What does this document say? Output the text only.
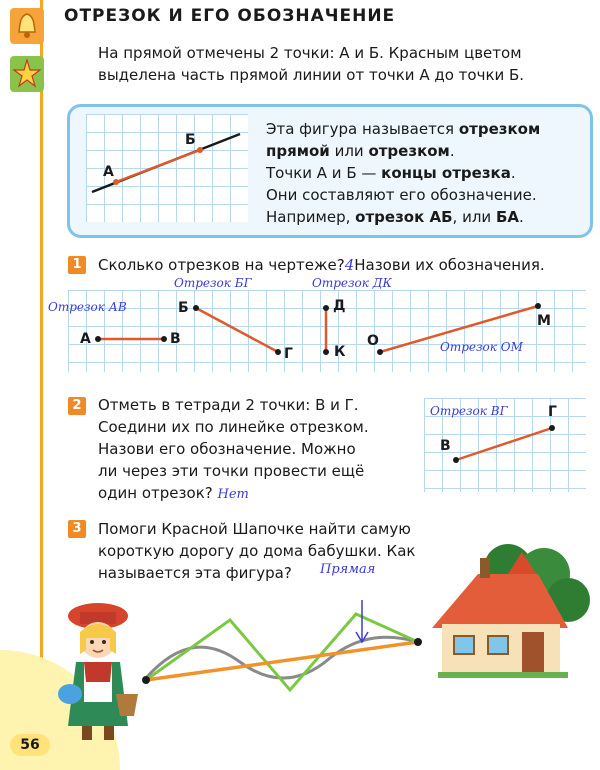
ОТРЕЗОК И ЕГО ОБОЗНАЧЕНИЕ
На прямой отмечены 2 точки: А и Б. Красным цветом
выделена часть прямой линии от точки А до точки Б.
А
Б
Эта фигура называется отрезком
прямой или отрезком.
Точки А и Б — концы отрезка.
Они составляют его обозначение.
Например, отрезок АБ, или БА.
1 Сколько отрезков на чертеже?4Назови их обозначения.
А	В
Б
Г
Д
К
О
М
Отрезок АВ
Отрезок БГ	Отрезок ДК
Отрезок ОМ
2 Отметь в тетради 2 точки: В и Г.
Соедини их по линейке отрезком.
Назови его обозначение. Можно
ли через эти точки провести ещё
один отрезок? Нет
В
Г
Отрезок ВГ
3 Помоги Красной Шапочке найти самую
короткую дорогу до дома бабушки. Как
называется эта фигура? Прямая
56
